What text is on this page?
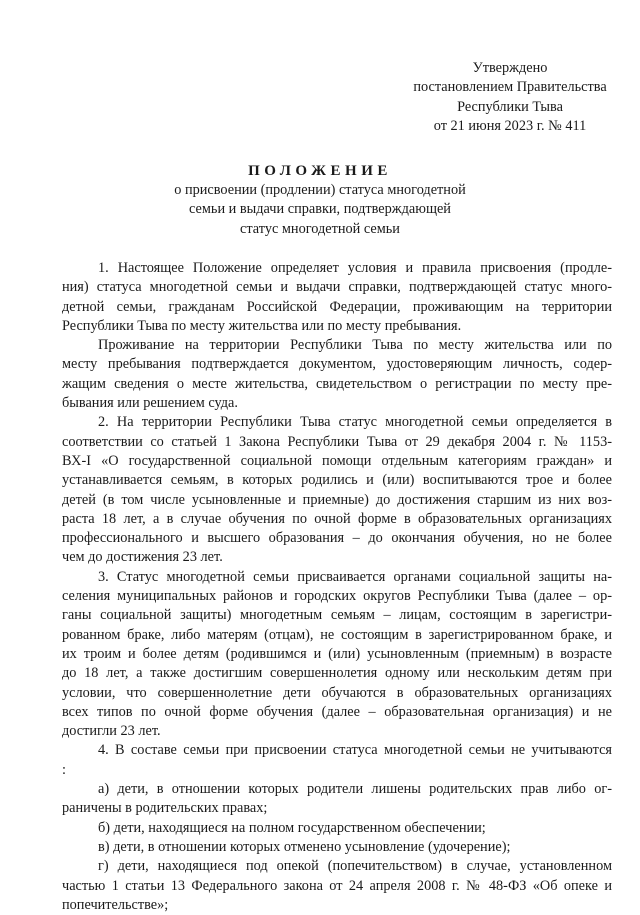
Утверждено
постановлением Правительства
Республики Тыва
от 21 июня 2023 г. № 411
ПОЛОЖЕНИЕ
о присвоении (продлении) статуса многодетной
семьи и выдачи справки, подтверждающей
статус многодетной семьи
1. Настоящее Положение определяет условия и правила присвоения (продле-
ния) статуса многодетной семьи и выдачи справки, подтверждающей статус много-
детной семьи, гражданам Российской Федерации, проживающим на территории
Республики Тыва по месту жительства или по месту пребывания.
Проживание на территории Республики Тыва по месту жительства или по
месту пребывания подтверждается документом, удостоверяющим личность, содер-
жащим сведения о месте жительства, свидетельством о регистрации по месту пре-
бывания или решением суда.
2. На территории Республики Тыва статус многодетной семьи определяется в
соответствии со статьей 1 Закона Республики Тыва от 29 декабря 2004 г. № 1153-
ВХ-I «О государственной социальной помощи отдельным категориям граждан» и
устанавливается семьям, в которых родились и (или) воспитываются трое и более
детей (в том числе усыновленные и приемные) до достижения старшим из них воз-
раста 18 лет, а в случае обучения по очной форме в образовательных организациях
профессионального и высшего образования – до окончания обучения, но не более
чем до достижения 23 лет.
3. Статус многодетной семьи присваивается органами социальной защиты на-
селения муниципальных районов и городских округов Республики Тыва (далее – ор-
ганы социальной защиты) многодетным семьям – лицам, состоящим в зарегистри-
рованном браке, либо матерям (отцам), не состоящим в зарегистрированном браке, и
их троим и более детям (родившимся и (или) усыновленным (приемным) в возрасте
до 18 лет, а также достигшим совершеннолетия одному или нескольким детям при
условии, что совершеннолетние дети обучаются в образовательных организациях
всех типов по очной форме обучения (далее – образовательная организация) и не
достигли 23 лет.
4. В составе семьи при присвоении статуса многодетной семьи не учитываются
:
а) дети, в отношении которых родители лишены родительских прав либо ог-
раничены в родительских правах;
б) дети, находящиеся на полном государственном обеспечении;
в) дети, в отношении которых отменено усыновление (удочерение);
г) дети, находящиеся под опекой (попечительством) в случае, установленном
частью 1 статьи 13 Федерального закона от 24 апреля 2008 г. № 48-ФЗ «Об опеке и
попечительстве»;
